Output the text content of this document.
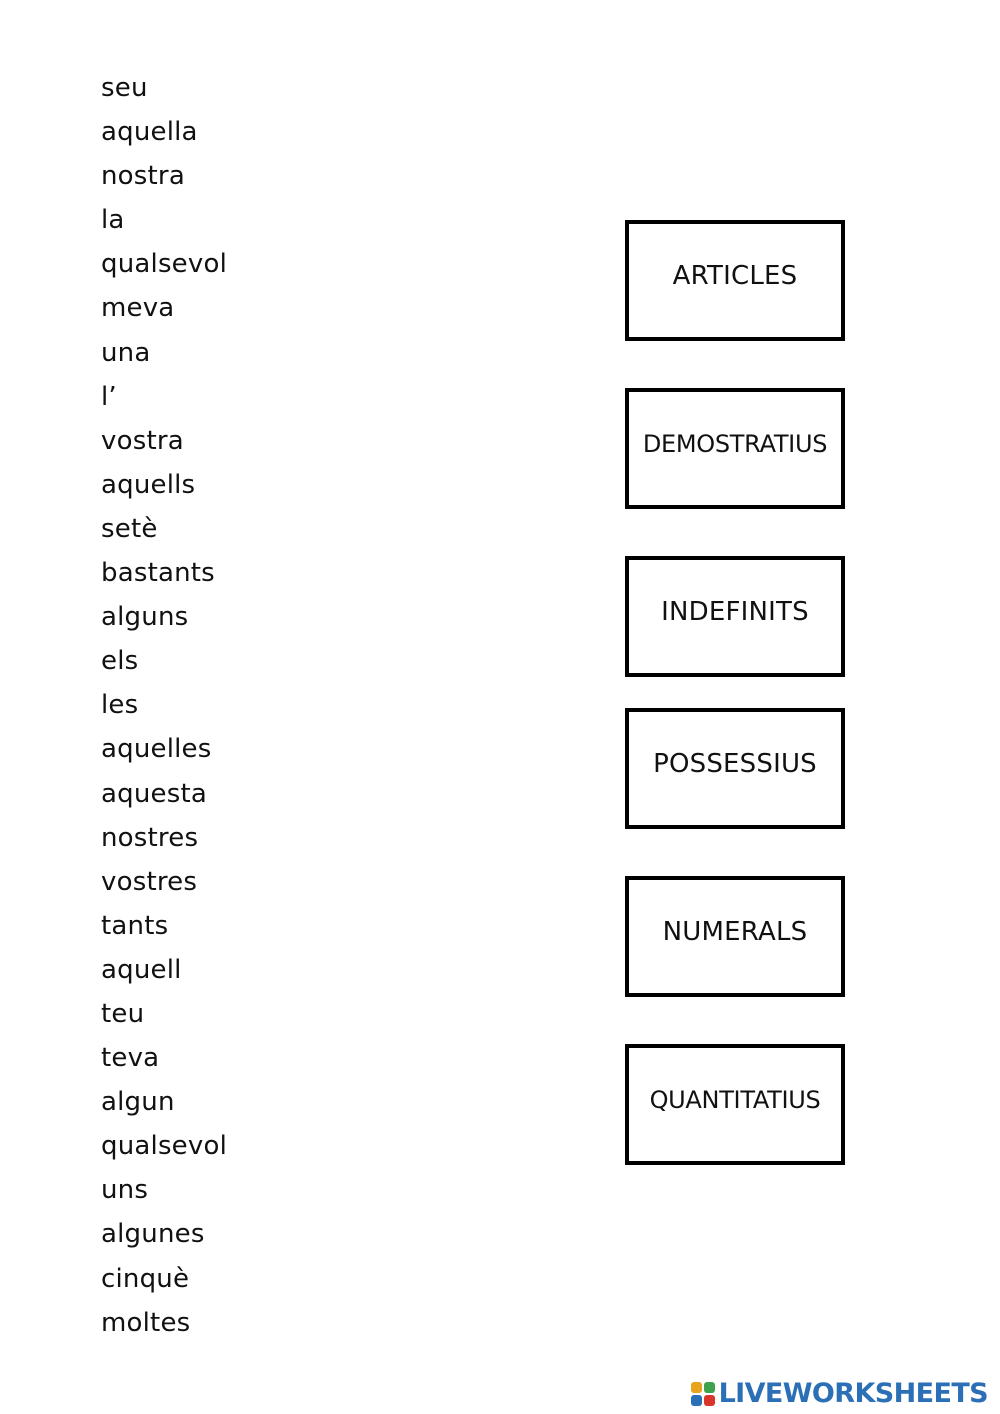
seu
aquella
nostra
la
qualsevol
meva
una
l’
vostra
aquells
setè
bastants
alguns
els
les
aquelles
aquesta
nostres
vostres
tants
aquell
teu
teva
algun
qualsevol
uns
algunes
cinquè
moltes
ARTICLES
DEMOSTRATIUS
INDEFINITS
POSSESSIUS
NUMERALS
QUANTITATIUS
LIVEWORKSHEETS
